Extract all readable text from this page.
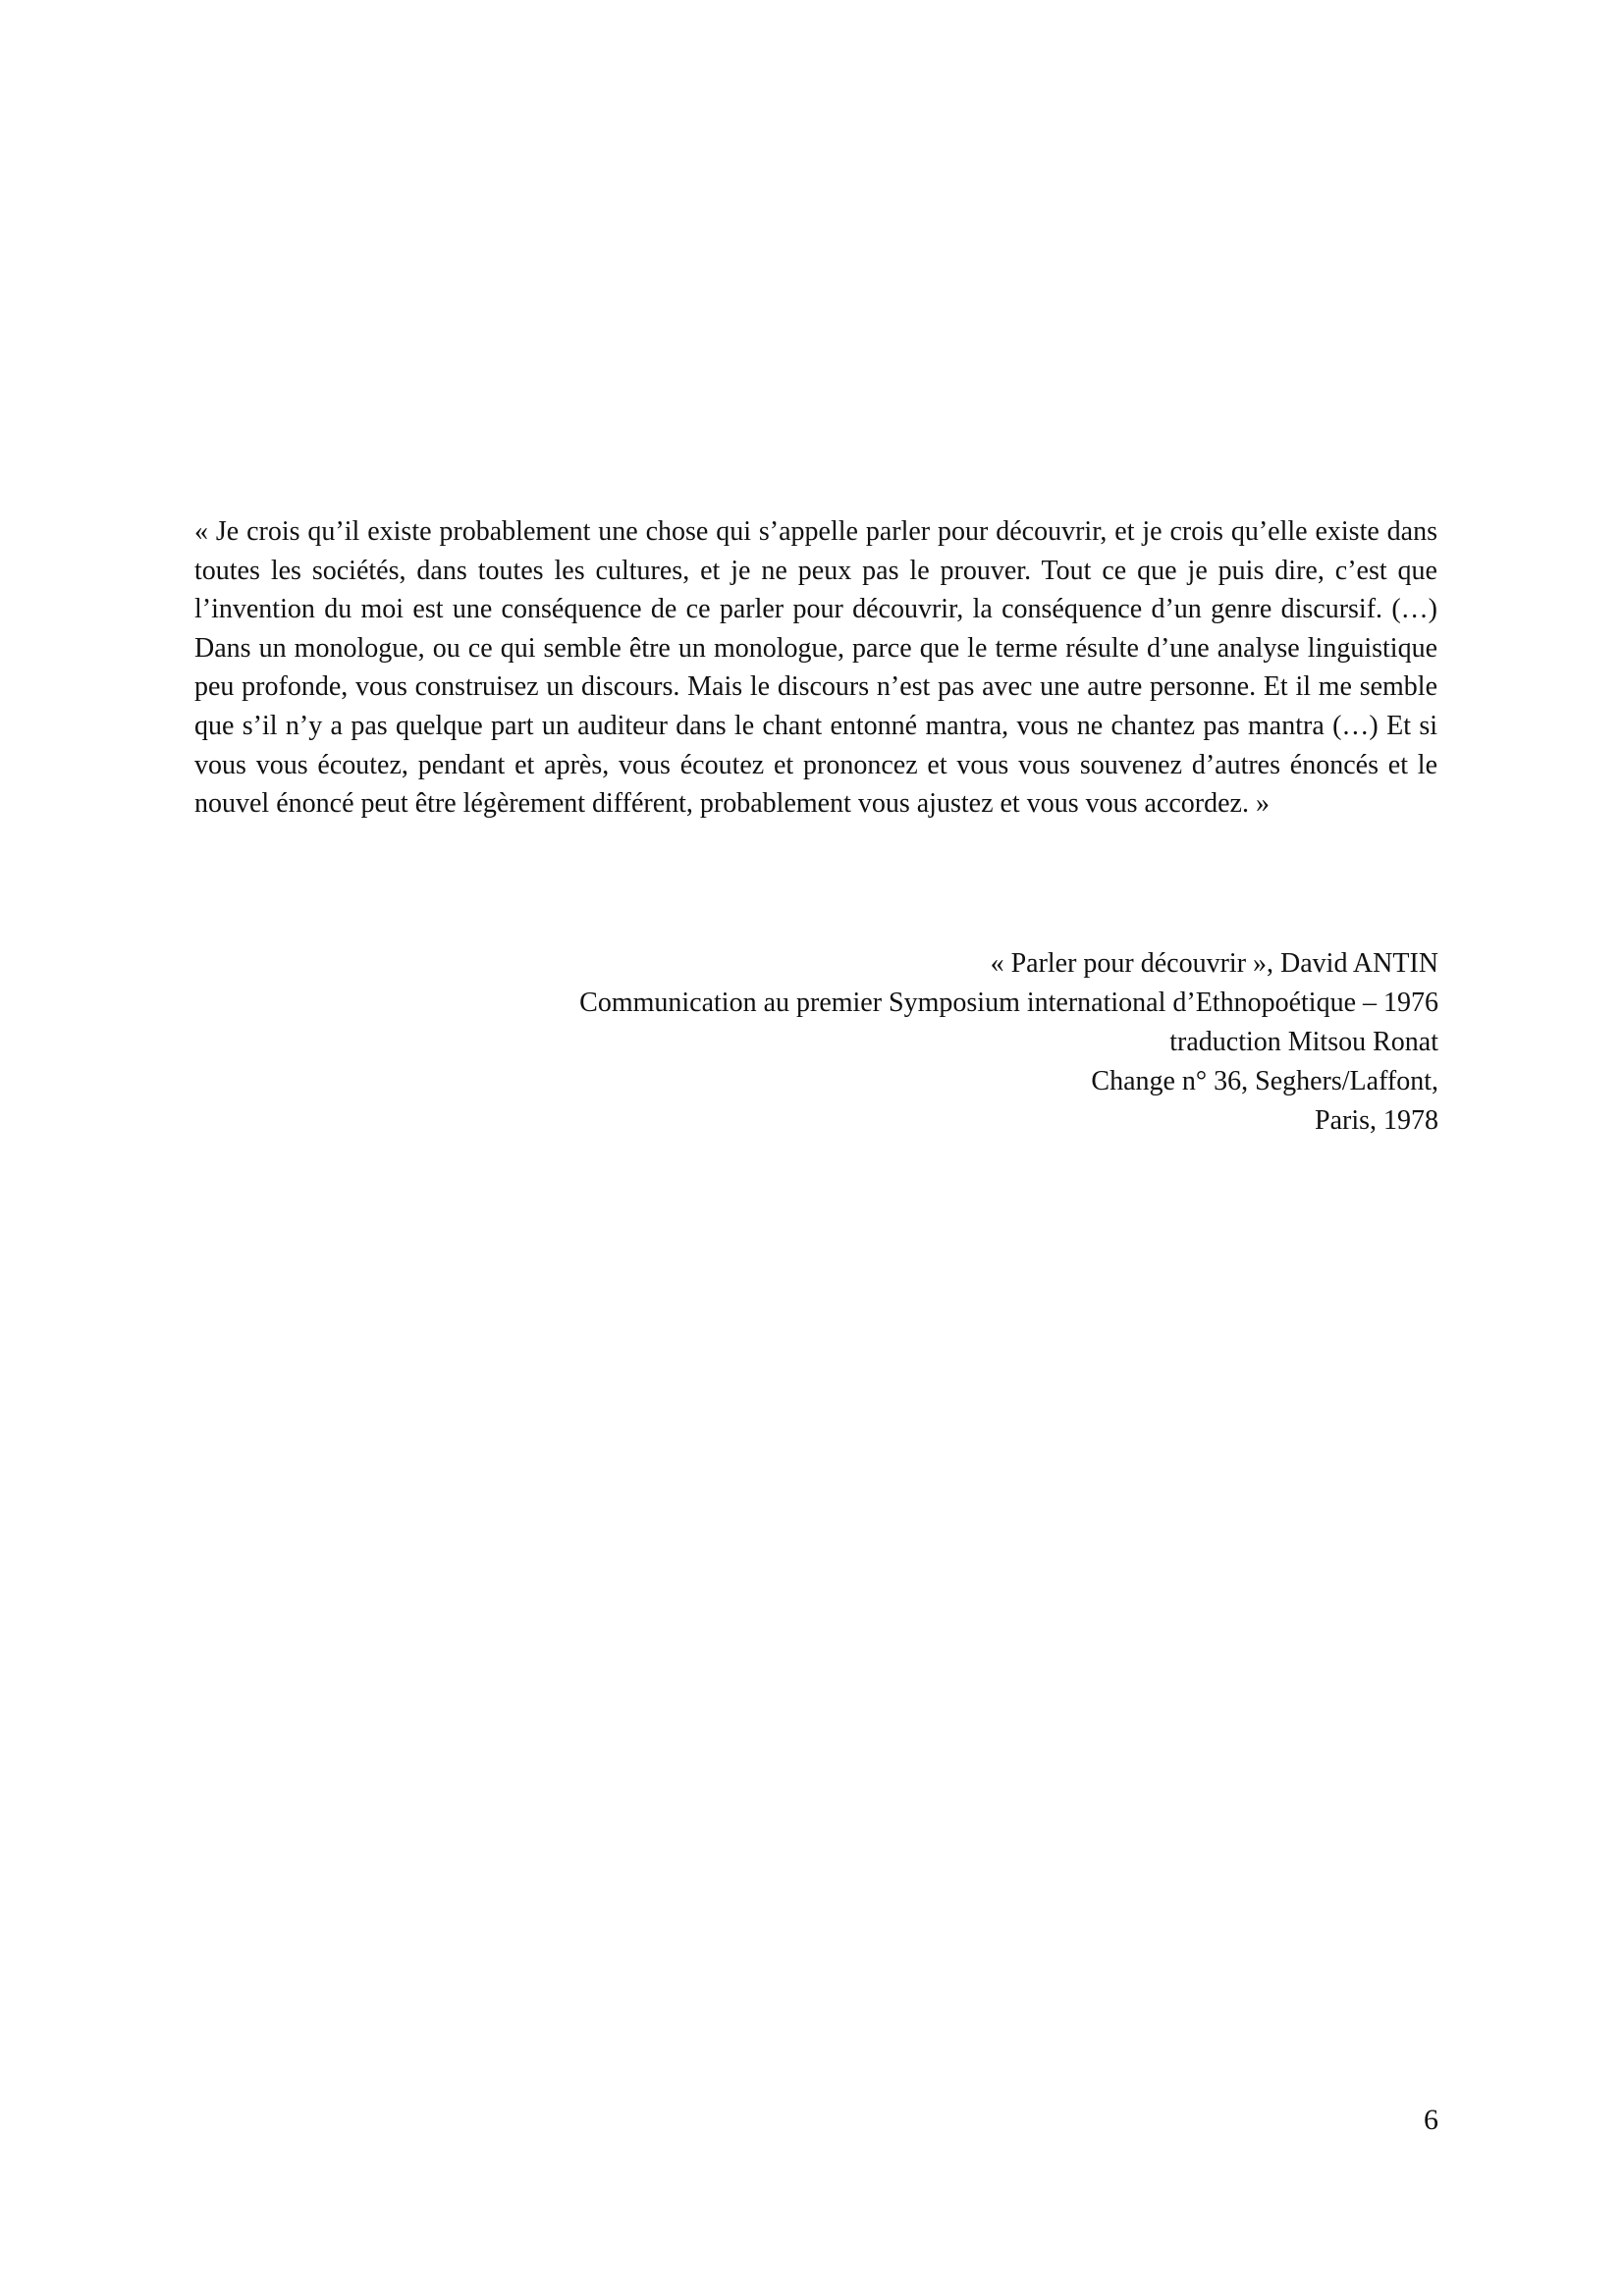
« Je crois qu’il existe probablement une chose qui s’appelle parler pour découvrir, et je crois qu’elle existe dans toutes les sociétés, dans toutes les cultures, et je ne peux pas le prouver. Tout ce que je puis dire, c’est que l’invention du moi est une conséquence de ce parler pour découvrir, la conséquence d’un genre discursif. (…) Dans un monologue, ou ce qui semble être un monologue, parce que le terme résulte d’une analyse linguistique peu profonde, vous construisez un discours. Mais le discours n’est pas avec une autre personne. Et il me semble que s’il n’y a pas quelque part un auditeur dans le chant entonné mantra, vous ne chantez pas mantra (…) Et si vous vous écoutez, pendant et après, vous écoutez et prononcez et vous vous souvenez d’autres énoncés et le nouvel énoncé peut être légèrement différent, probablement vous ajustez et vous vous accordez. »

« Parler pour découvrir », David ANTIN
Communication au premier Symposium international d’Ethnopoétique – 1976
traduction Mitsou Ronat
Change n° 36, Seghers/Laffont,
Paris, 1978
6
